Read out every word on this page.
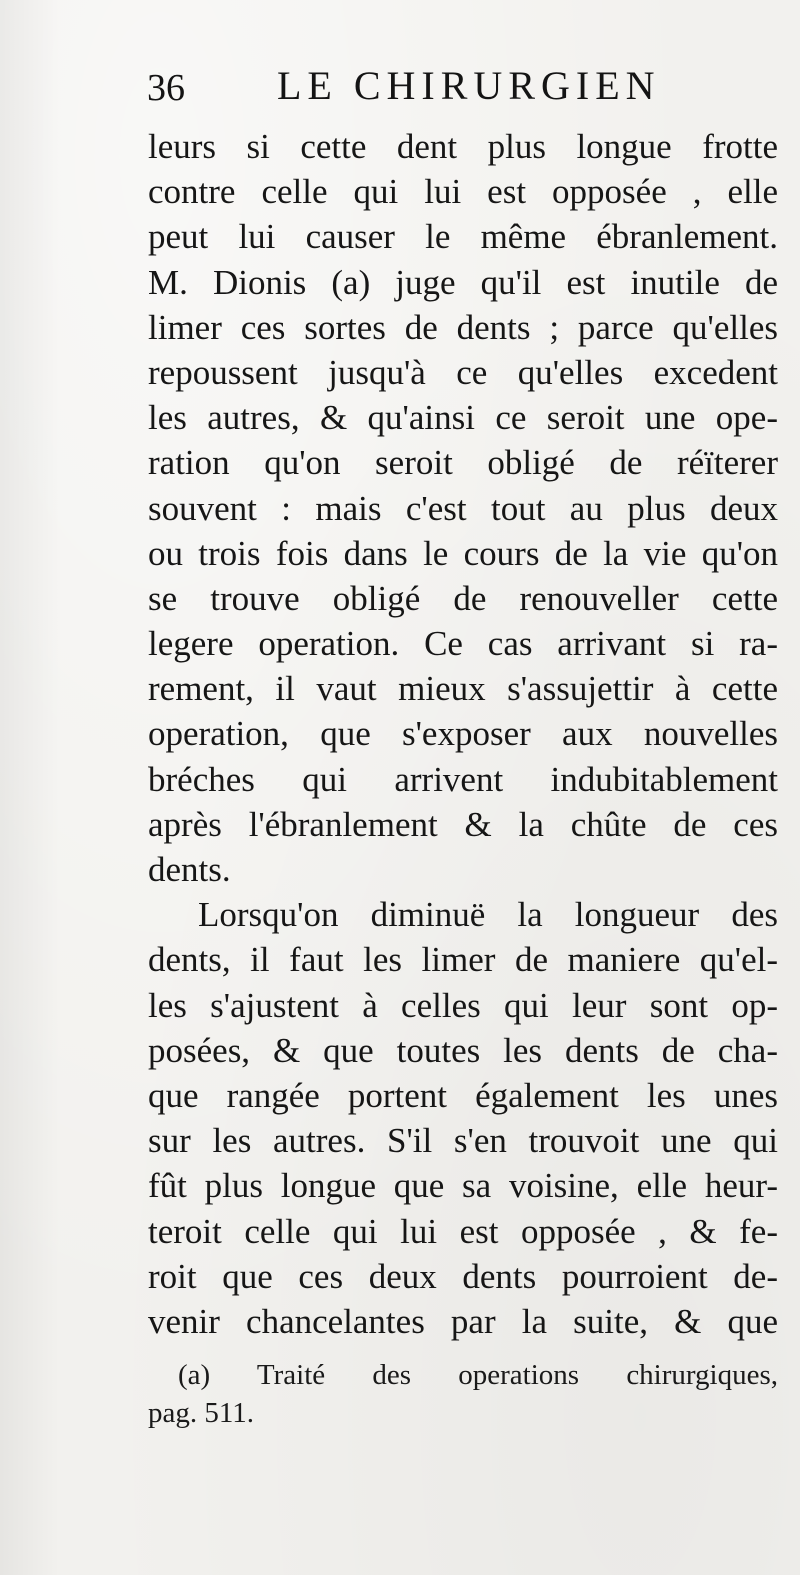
36 LE CHIRURGIEN
leurs si cette dent plus longue frotte
contre celle qui lui est opposée , elle
peut lui causer le même ébranlement.
M. Dionis (a) juge qu'il est inutile de
limer ces sortes de dents ; parce qu'elles
repoussent jusqu'à ce qu'elles excedent
les autres, & qu'ainsi ce seroit une ope-
ration qu'on seroit obligé de réïterer
souvent : mais c'est tout au plus deux
ou trois fois dans le cours de la vie qu'on
se trouve obligé de renouveller cette
legere operation. Ce cas arrivant si ra-
rement, il vaut mieux s'assujettir à cette
operation, que s'exposer aux nouvelles
bréches qui arrivent indubitablement
après l'ébranlement & la chûte de ces
dents.
Lorsqu'on diminuë la longueur des
dents, il faut les limer de maniere qu'el-
les s'ajustent à celles qui leur sont op-
posées, & que toutes les dents de cha-
que rangée portent également les unes
sur les autres. S'il s'en trouvoit une qui
fût plus longue que sa voisine, elle heur-
teroit celle qui lui est opposée , & fe-
roit que ces deux dents pourroient de-
venir chancelantes par la suite, & que
(a) Traité des operations chirurgiques,
pag. 511.
